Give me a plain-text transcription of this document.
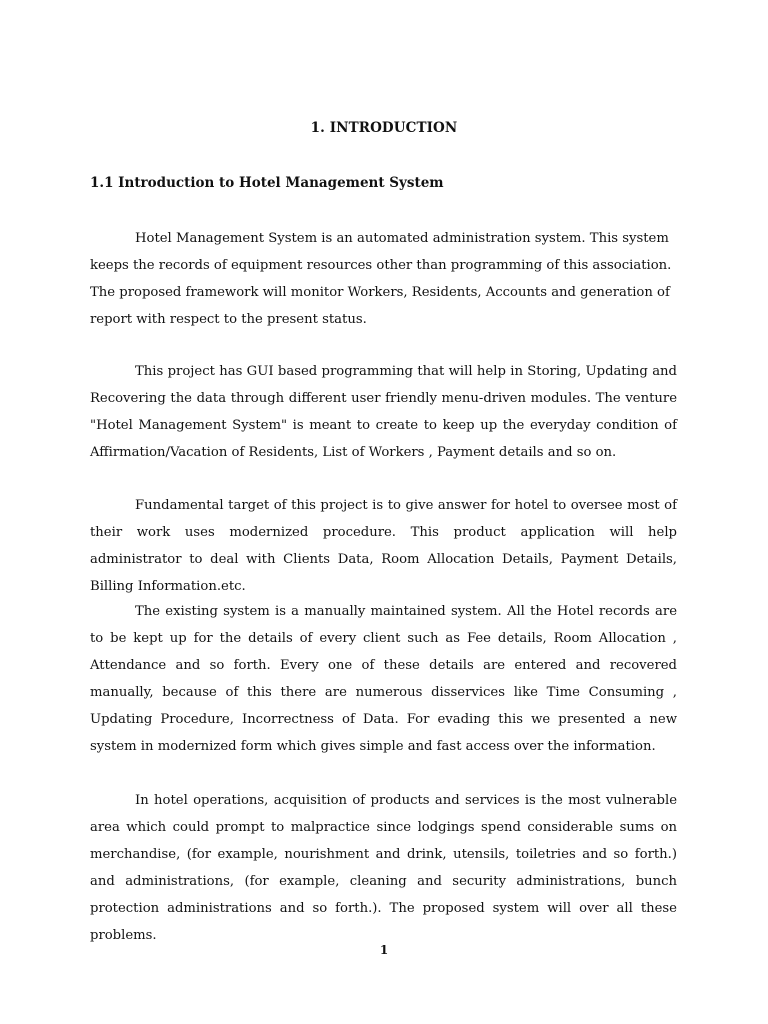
1. INTRODUCTION
1.1 Introduction to Hotel Management System

Hotel Management System is an automated administration system. This system keeps the records of equipment resources other than programming of this association. The proposed framework will monitor Workers, Residents, Accounts and generation of report with respect to the present status.

This project has GUI based programming that will help in Storing, Updating and Recovering the data through different user friendly menu-driven modules. The venture "Hotel Management System" is meant to create to keep up the everyday condition of Affirmation/Vacation of Residents, List of Workers , Payment details and so on.

Fundamental target of this project is to give answer for hotel to oversee most of their work uses modernized procedure. This product application will help administrator to deal with Clients Data, Room Allocation Details, Payment Details, Billing Information.etc.

The existing system is a manually maintained system. All the Hotel records are to be kept up for the details of every client such as Fee details, Room Allocation , Attendance and so forth. Every one of these details are entered and recovered manually, because of this there are numerous disservices like Time Consuming , Updating Procedure, Incorrectness of Data. For evading this we presented a new system in modernized form which gives simple and fast access over the information.

In hotel operations, acquisition of products and services is the most vulnerable area which could prompt to malpractice since lodgings spend considerable sums on merchandise, (for example, nourishment and drink, utensils, toiletries and so forth.) and administrations, (for example, cleaning and security administrations, bunch protection administrations and so forth.). The proposed system will over all these problems.

1
